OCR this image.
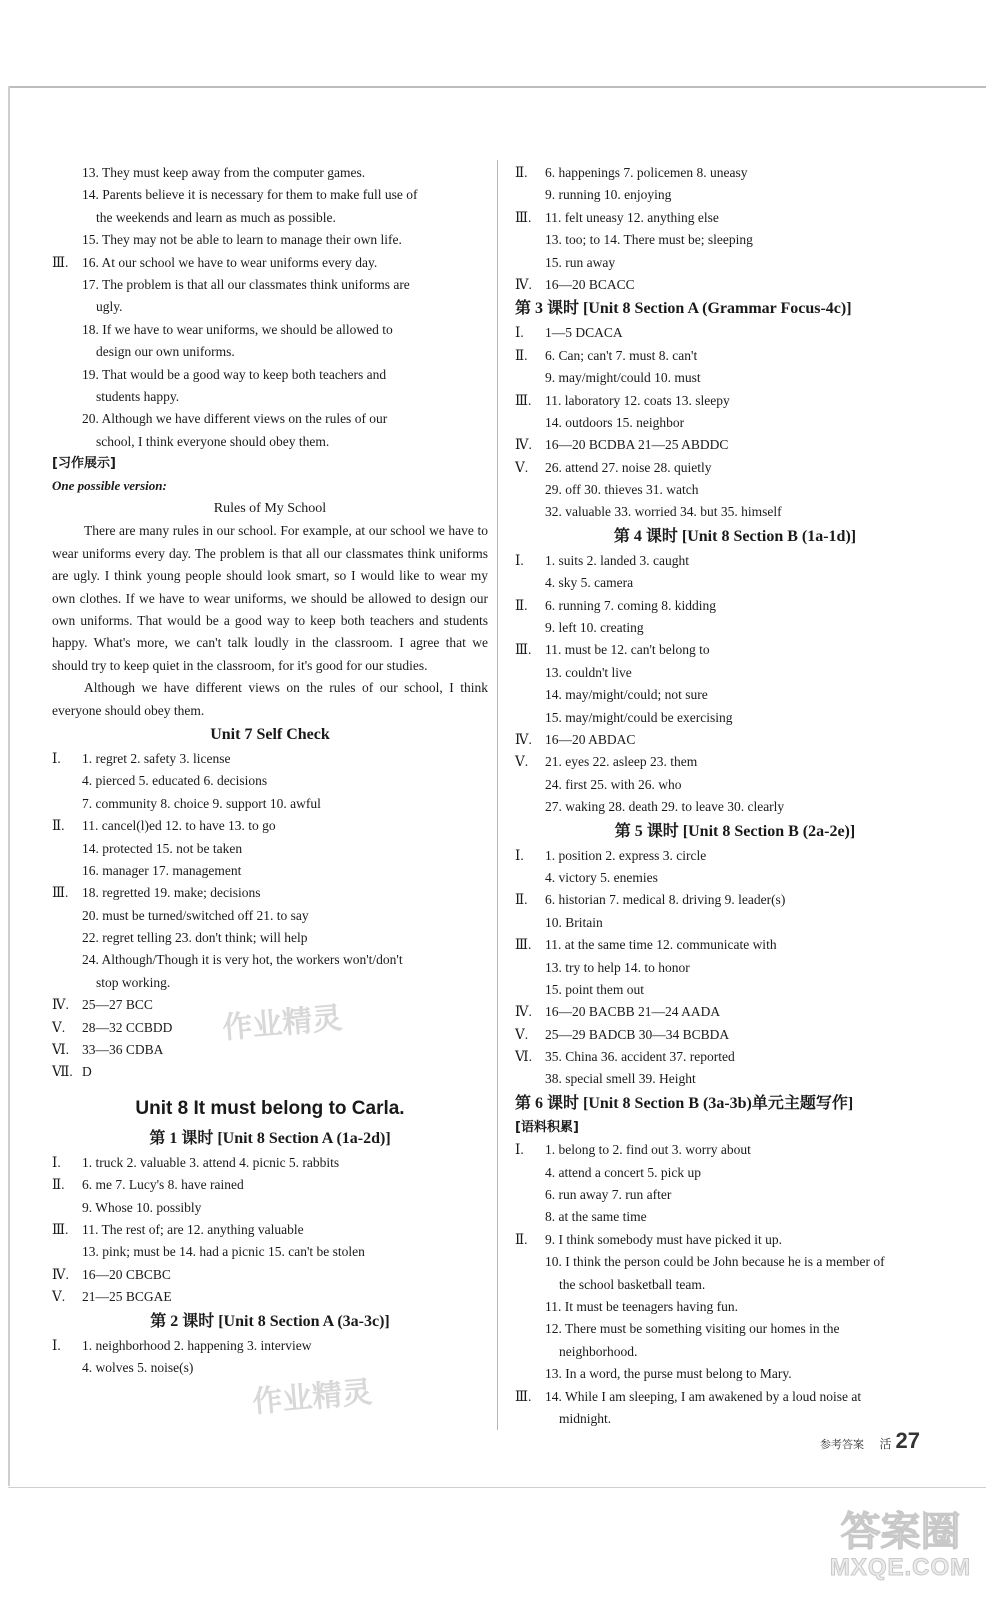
13. They must keep away from the computer games.
14. Parents believe it is necessary for them to make full use of
the weekends and learn as much as possible.
15. They may not be able to learn to manage their own life.
Ⅲ. 16. At our school we have to wear uniforms every day.
17. The problem is that all our classmates think uniforms are
ugly.
18. If we have to wear uniforms, we should be allowed to
design our own uniforms.
19. That would be a good way to keep both teachers and
students happy.
20. Although we have different views on the rules of our
school, I think everyone should obey them.
[习作展示]
One possible version:
Rules of My School

There are many rules in our school. For example, at our school we have to wear uniforms every day. The problem is that all our classmates think uniforms are ugly. I think young people should look smart, so I would like to wear my own clothes. If we have to wear uniforms, we should be allowed to design our own uniforms. That would be a good way to keep both teachers and students happy. What's more, we can't talk loudly in the classroom. I agree that we should try to keep quiet in the classroom, for it's good for our studies.

Although we have different views on the rules of our school, I think everyone should obey them.

Unit 7 Self Check
Ⅰ. 1. regret 2. safety 3. license
4. pierced 5. educated 6. decisions
7. community 8. choice 9. support 10. awful
Ⅱ. 11. cancel(l)ed 12. to have 13. to go
14. protected 15. not be taken
16. manager 17. management
Ⅲ. 18. regretted 19. make; decisions
20. must be turned/switched off 21. to say
22. regret telling 23. don't think; will help
24. Although/Though it is very hot, the workers won't/don't
stop working.
Ⅳ. 25—27 BCC
Ⅴ. 28—32 CCBDD
Ⅵ. 33—36 CDBA
Ⅶ. D
Unit 8 It must belong to Carla.
第 1 课时 [Unit 8 Section A (1a-2d)]
Ⅰ. 1. truck 2. valuable 3. attend 4. picnic 5. rabbits
Ⅱ. 6. me 7. Lucy's 8. have rained
9. Whose 10. possibly
Ⅲ. 11. The rest of; are 12. anything valuable
13. pink; must be 14. had a picnic 15. can't be stolen
Ⅳ. 16—20 CBCBC
Ⅴ. 21—25 BCGAE
第 2 课时 [Unit 8 Section A (3a-3c)]
Ⅰ. 1. neighborhood 2. happening 3. interview
4. wolves 5. noise(s)
Ⅱ. 6. happenings 7. policemen 8. uneasy
9. running 10. enjoying
Ⅲ. 11. felt uneasy 12. anything else
13. too; to 14. There must be; sleeping
15. run away
Ⅳ. 16—20 BCACC
第 3 课时 [Unit 8 Section A (Grammar Focus-4c)]
Ⅰ. 1—5 DCACA
Ⅱ. 6. Can; can't 7. must 8. can't
9. may/might/could 10. must
Ⅲ. 11. laboratory 12. coats 13. sleepy
14. outdoors 15. neighbor
Ⅳ. 16—20 BCDBA 21—25 ABDDC
Ⅴ. 26. attend 27. noise 28. quietly
29. off 30. thieves 31. watch
32. valuable 33. worried 34. but 35. himself
第 4 课时 [Unit 8 Section B (1a-1d)]
Ⅰ. 1. suits 2. landed 3. caught
4. sky 5. camera
Ⅱ. 6. running 7. coming 8. kidding
9. left 10. creating
Ⅲ. 11. must be 12. can't belong to
13. couldn't live
14. may/might/could; not sure
15. may/might/could be exercising
Ⅳ. 16—20 ABDAC
Ⅴ. 21. eyes 22. asleep 23. them
24. first 25. with 26. who
27. waking 28. death 29. to leave 30. clearly
第 5 课时 [Unit 8 Section B (2a-2e)]
Ⅰ. 1. position 2. express 3. circle
4. victory 5. enemies
Ⅱ. 6. historian 7. medical 8. driving 9. leader(s)
10. Britain
Ⅲ. 11. at the same time 12. communicate with
13. try to help 14. to honor
15. point them out
Ⅳ. 16—20 BACBB 21—24 AADA
Ⅴ. 25—29 BADCB 30—34 BCBDA
Ⅵ. 35. China 36. accident 37. reported
38. special smell 39. Height
第 6 课时 [Unit 8 Section B (3a-3b)单元主题写作]
[语料积累]
Ⅰ. 1. belong to 2. find out 3. worry about
4. attend a concert 5. pick up
6. run away 7. run after
8. at the same time
Ⅱ. 9. I think somebody must have picked it up.
10. I think the person could be John because he is a member of
the school basketball team.
11. It must be teenagers having fun.
12. There must be something visiting our homes in the
neighborhood.
13. In a word, the purse must belong to Mary.
Ⅲ. 14. While I am sleeping, I am awakened by a loud noise at
midnight.
参考答案 活 27
作业精灵
作业精灵
答案圈
MXQE.COM
